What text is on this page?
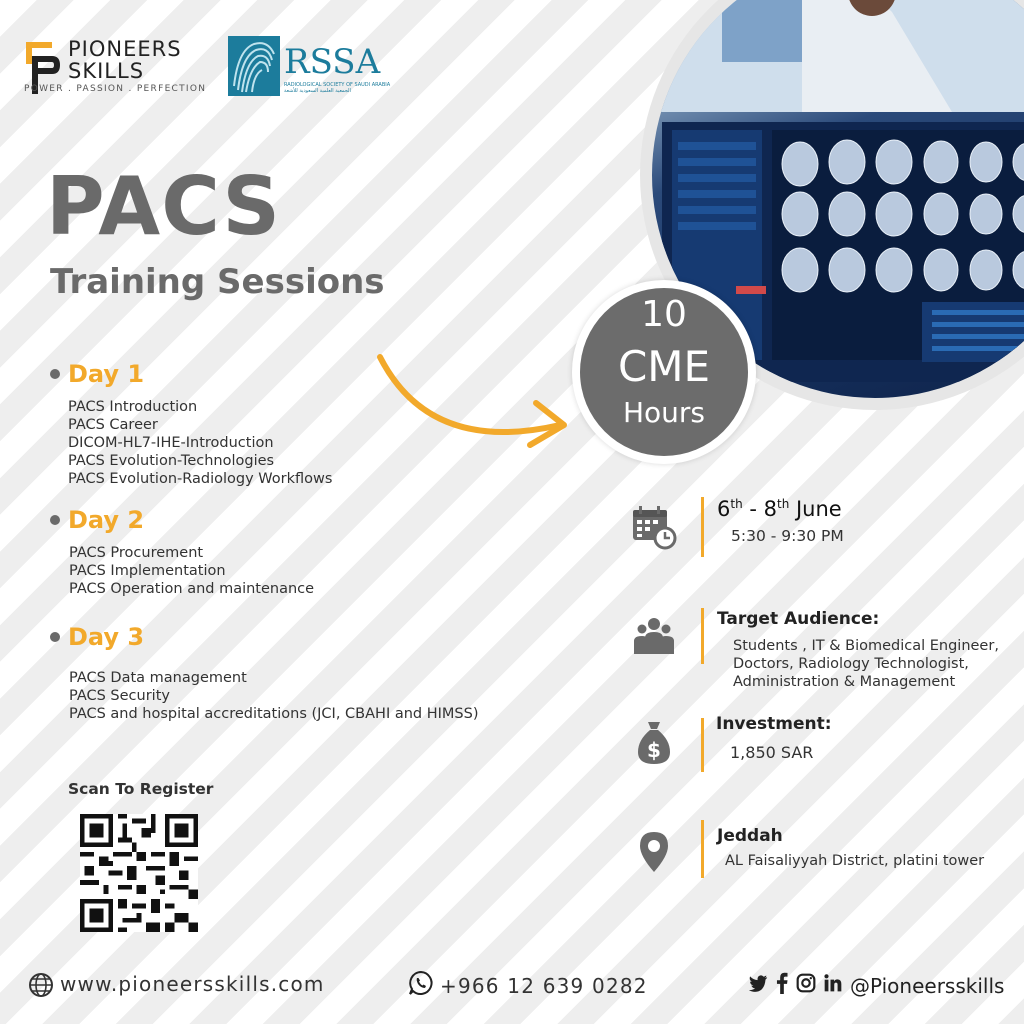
PIONEERS
SKILLS
POWER . PASSION . PERFECTION
RSSA
RADIOLOGICAL SOCIETY OF SAUDI ARABIA
الجمعية العلمية السعودية للأشعة
PACS
Training Sessions
Day 1
PACS Introduction
PACS Career
DICOM-HL7-IHE-Introduction
PACS Evolution-Technologies
PACS Evolution-Radiology Workflows
Day 2
PACS Procurement
PACS Implementation
PACS Operation and maintenance
Day 3
PACS Data management
PACS Security
PACS and hospital accreditations (JCI, CBAHI and HIMSS)
Scan To Register
10
CME
Hours
6th - 8th June
5:30 - 9:30 PM
Target Audience:
Students , IT & Biomedical Engineer,
Doctors, Radiology Technologist,
Administration & Management
$
Investment:
1,850 SAR
Jeddah
AL Faisaliyyah District, platini tower
www.pioneersskills.com	+966 12 639 0282	@Pioneersskills
